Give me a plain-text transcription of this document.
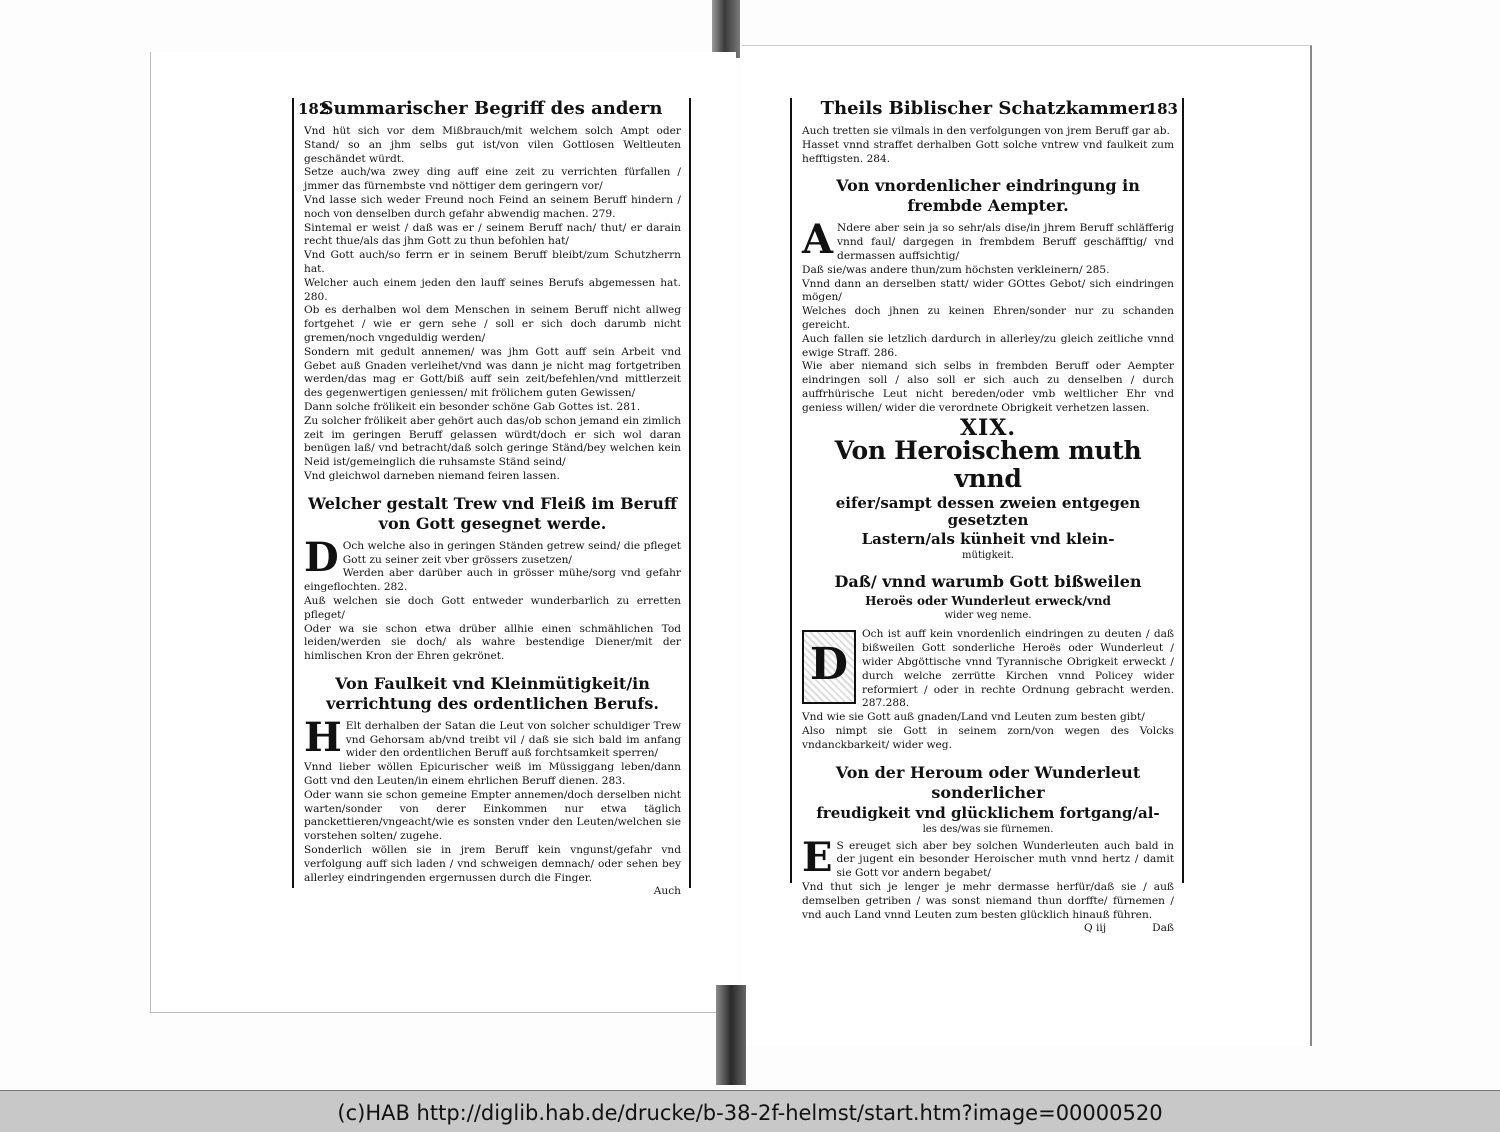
182
Summarischer Begriff des andern

Vnd hüt sich vor dem Mißbrauch/mit welchem solch Ampt oder Stand/ so an jhm selbs gut ist/von vilen Gottlosen Weltleuten geschändet würdt.

Setze auch/wa zwey ding auff eine zeit zu verrichten fürfallen / jmmer das fürnembste vnd nöttiger dem geringern vor/

Vnd lasse sich weder Freund noch Feind an seinem Beruff hindern / noch von denselben durch gefahr abwendig machen. 279.

Sintemal er weist / daß was er / seinem Beruff nach/ thut/ er darain recht thue/als das jhm Gott zu thun befohlen hat/

Vnd Gott auch/so ferrn er in seinem Beruff bleibt/zum Schutzherrn hat.

Welcher auch einem jeden den lauff seines Berufs abgemessen hat. 280.

Ob es derhalben wol dem Menschen in seinem Beruff nicht allweg fortgehet / wie er gern sehe / soll er sich doch darumb nicht gremen/noch vngeduldig werden/

Sondern mit gedult annemen/ was jhm Gott auff sein Arbeit vnd Gebet auß Gnaden verleihet/vnd was dann je nicht mag fortgetriben werden/das mag er Gott/biß auff sein zeit/befehlen/vnd mittlerzeit des gegenwertigen geniessen/ mit frölichem guten Gewissen/

Dann solche frölikeit ein besonder schöne Gab Gottes ist. 281.

Zu solcher frölikeit aber gehört auch das/ob schon jemand ein zimlich zeit im geringen Beruff gelassen würdt/doch er sich wol daran benügen laß/ vnd betracht/daß solch geringe Ständ/bey welchen kein Neid ist/gemeinglich die ruhsamste Ständ seind/

Vnd gleichwol darneben niemand feiren lassen.

Welcher gestalt Trew vnd Fleiß im Beruff von Gott gesegnet werde.
D Och welche also in geringen Ständen getrew seind/ die pfleget Gott zu seiner zeit vber grössers zusetzen/

Werden aber darüber auch in grösser mühe/sorg vnd gefahr eingeflochten. 282.

Auß welchen sie doch Gott entweder wunderbarlich zu erretten pfleget/

Oder wa sie schon etwa drüber allhie einen schmählichen Tod leiden/werden sie doch/ als wahre bestendige Diener/mit der himlischen Kron der Ehren gekrönet.

Von Faulkeit vnd Kleinmütigkeit/in verrichtung des ordentlichen Berufs.
H Elt derhalben der Satan die Leut von solcher schuldiger Trew vnd Gehorsam ab/vnd treibt vil / daß sie sich bald im anfang wider den ordentlichen Beruff auß forchtsamkeit sperren/

Vnnd lieber wöllen Epicurischer weiß im Müssiggang leben/dann Gott vnd den Leuten/in einem ehrlichen Beruff dienen. 283.

Oder wann sie schon gemeine Empter annemen/doch derselben nicht warten/sonder von derer Einkommen nur etwa täglich panckettieren/vngeacht/wie es sonsten vnder den Leuten/welchen sie vorstehen solten/ zugehe.

Sonderlich wöllen sie in jrem Beruff kein vngunst/gefahr vnd verfolgung auff sich laden / vnd schweigen demnach/ oder sehen bey allerley eindringenden ergernussen durch die Finger.

Auch
Theils Biblischer Schatzkammer.
183

Auch tretten sie vilmals in den verfolgungen von jrem Beruff gar ab.

Hasset vnnd straffet derhalben Gott solche vntrew vnd faulkeit zum hefftigsten. 284.

Von vnordenlicher eindringung in frembde Aempter.
A Ndere aber sein ja so sehr/als dise/in jhrem Beruff schläfferig vnnd faul/ dargegen in frembdem Beruff geschäfftig/ vnd dermassen auffsichtig/

Daß sie/was andere thun/zum höchsten verkleinern/ 285.

Vnnd dann an derselben statt/ wider GOttes Gebot/ sich eindringen mögen/

Welches doch jhnen zu keinen Ehren/sonder nur zu schanden gereicht.

Auch fallen sie letzlich dardurch in allerley/zu gleich zeitliche vnnd ewige Straff. 286.

Wie aber niemand sich selbs in frembden Beruff oder Aempter eindringen soll / also soll er sich auch zu denselben / durch auffrhürische Leut nicht bereden/oder vmb weltlicher Ehr vnd geniess willen/ wider die verordnete Obrigkeit verhetzen lassen.

XIX.
Von Heroischem muth vnnd
eifer/sampt dessen zweien entgegen gesetzten
Lastern/als künheit vnd klein-
mütigkeit.
Daß/ vnnd warumb Gott bißweilen
Heroës oder Wunderleut erweck/vnd
wider weg neme.
D

Och ist auff kein vnordenlich eindringen zu deuten / daß bißweilen Gott sonderliche Heroës oder Wunderleut / wider Abgöttische vnnd Tyrannische Obrigkeit erweckt / durch welche zerrütte Kirchen vnnd Policey wider reformiert / oder in rechte Ordnung gebracht werden. 287.288.

Vnd wie sie Gott auß gnaden/Land vnd Leuten zum besten gibt/

Also nimpt sie Gott in seinem zorn/von wegen des Volcks vndanckbarkeit/ wider weg.

Von der Heroum oder Wunderleut sonderlicher
freudigkeit vnd glücklichem fortgang/al-
les des/was sie fürnemen.
E S ereuget sich aber bey solchen Wunderleuten auch bald in der jugent ein besonder Heroischer muth vnnd hertz / damit sie Gott vor andern begabet/

Vnd thut sich je lenger je mehr dermasse herfür/daß sie / auß demselben getriben / was sonst niemand thun dorffte/ fürnemen / vnd auch Land vnnd Leuten zum besten glücklich hinauß führen.

Q iij	Daß
(c)HAB http://diglib.hab.de/drucke/b-38-2f-helmst/start.htm?image=00000520
